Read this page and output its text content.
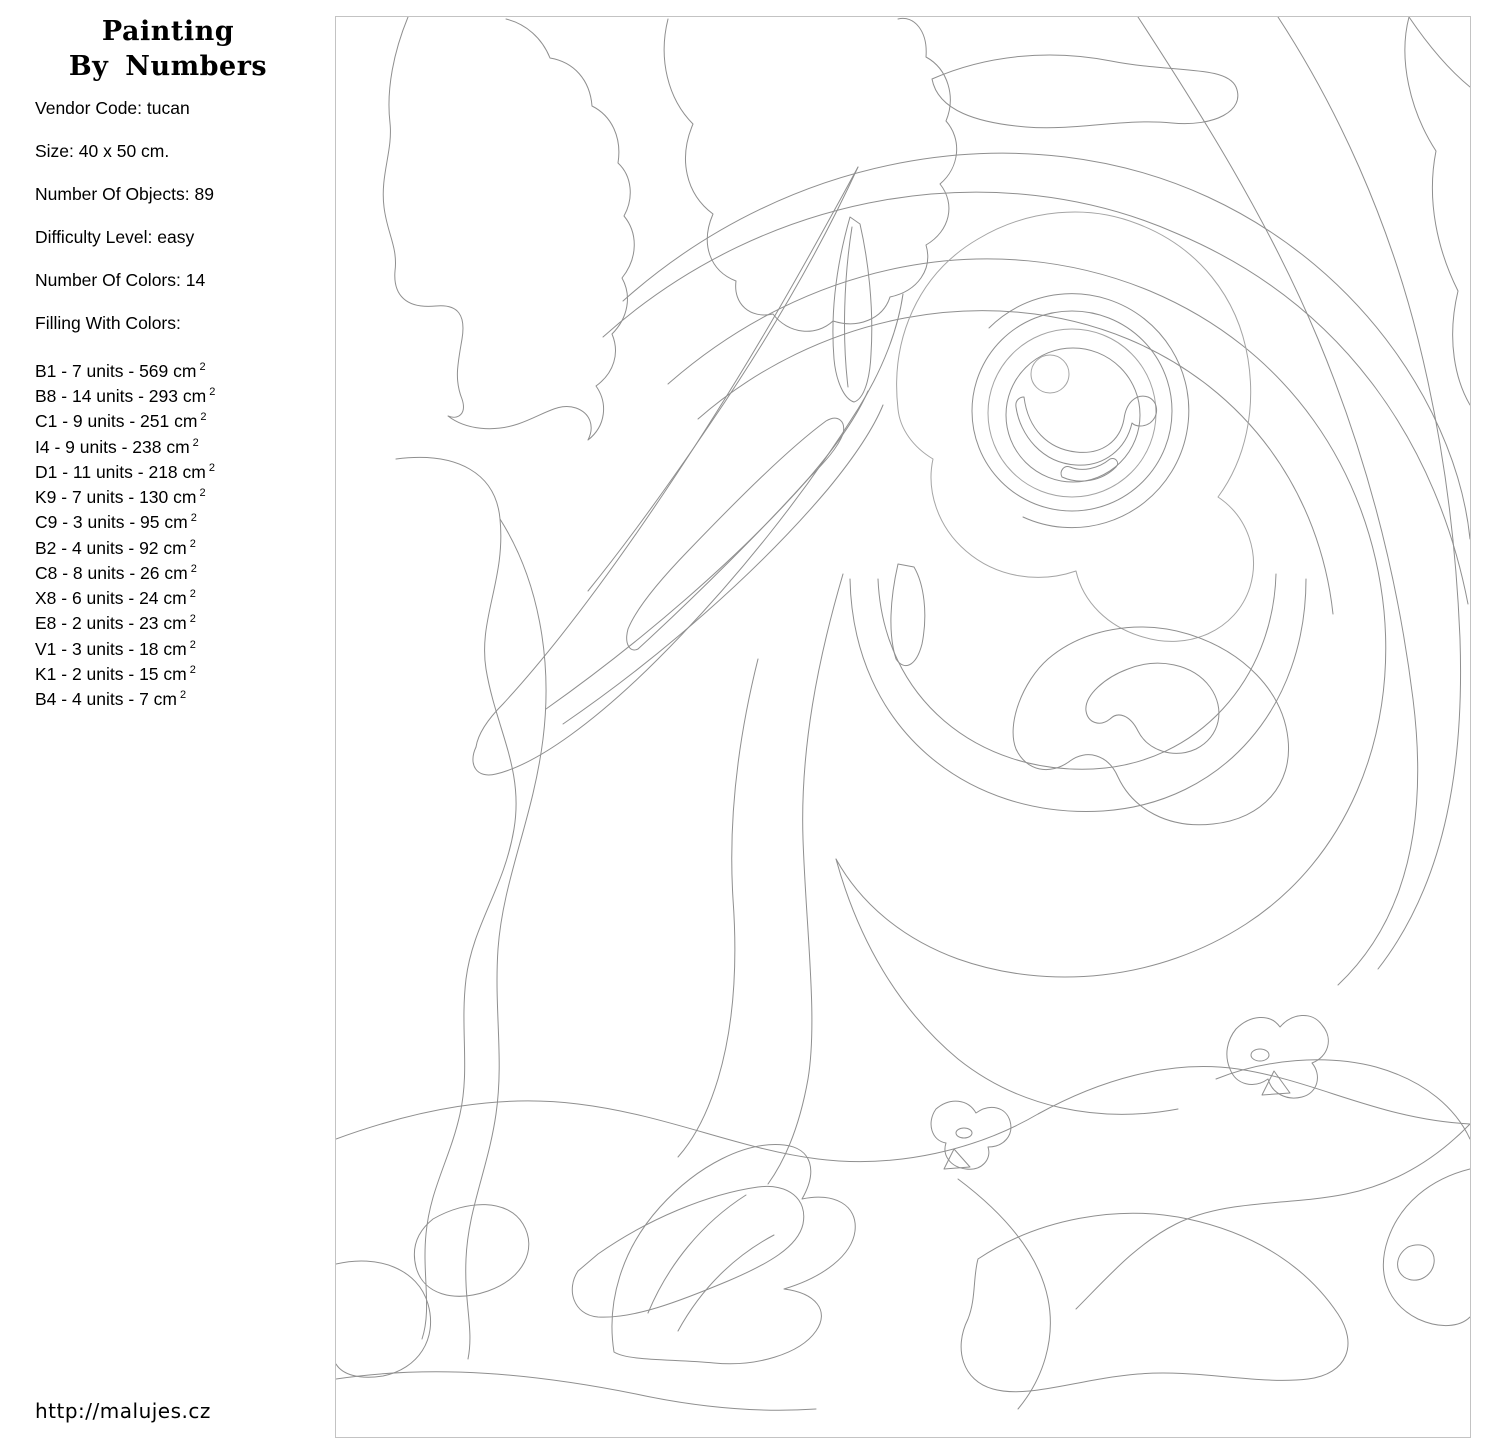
Painting
By Numbers
Vendor Code: tucan
Size: 40 x 50 cm.
Number Of Objects: 89
Difficulty Level: easy
Number Of Colors: 14
Filling With Colors:
B1 - 7 units - 569 cm $^2$
B8 - 14 units - 293 cm $^2$
C1 - 9 units - 251 cm $^2$
I4 - 9 units - 238 cm $^2$
D1 - 11 units - 218 cm $^2$
K9 - 7 units - 130 cm $^2$
C9 - 3 units - 95 cm $^2$
B2 - 4 units - 92 cm $^2$
C8 - 8 units - 26 cm $^2$
X8 - 6 units - 24 cm $^2$
E8 - 2 units - 23 cm $^2$
V1 - 3 units - 18 cm $^2$
K1 - 2 units - 15 cm $^2$
B4 - 4 units - 7 cm $^2$
http://malujes.cz
